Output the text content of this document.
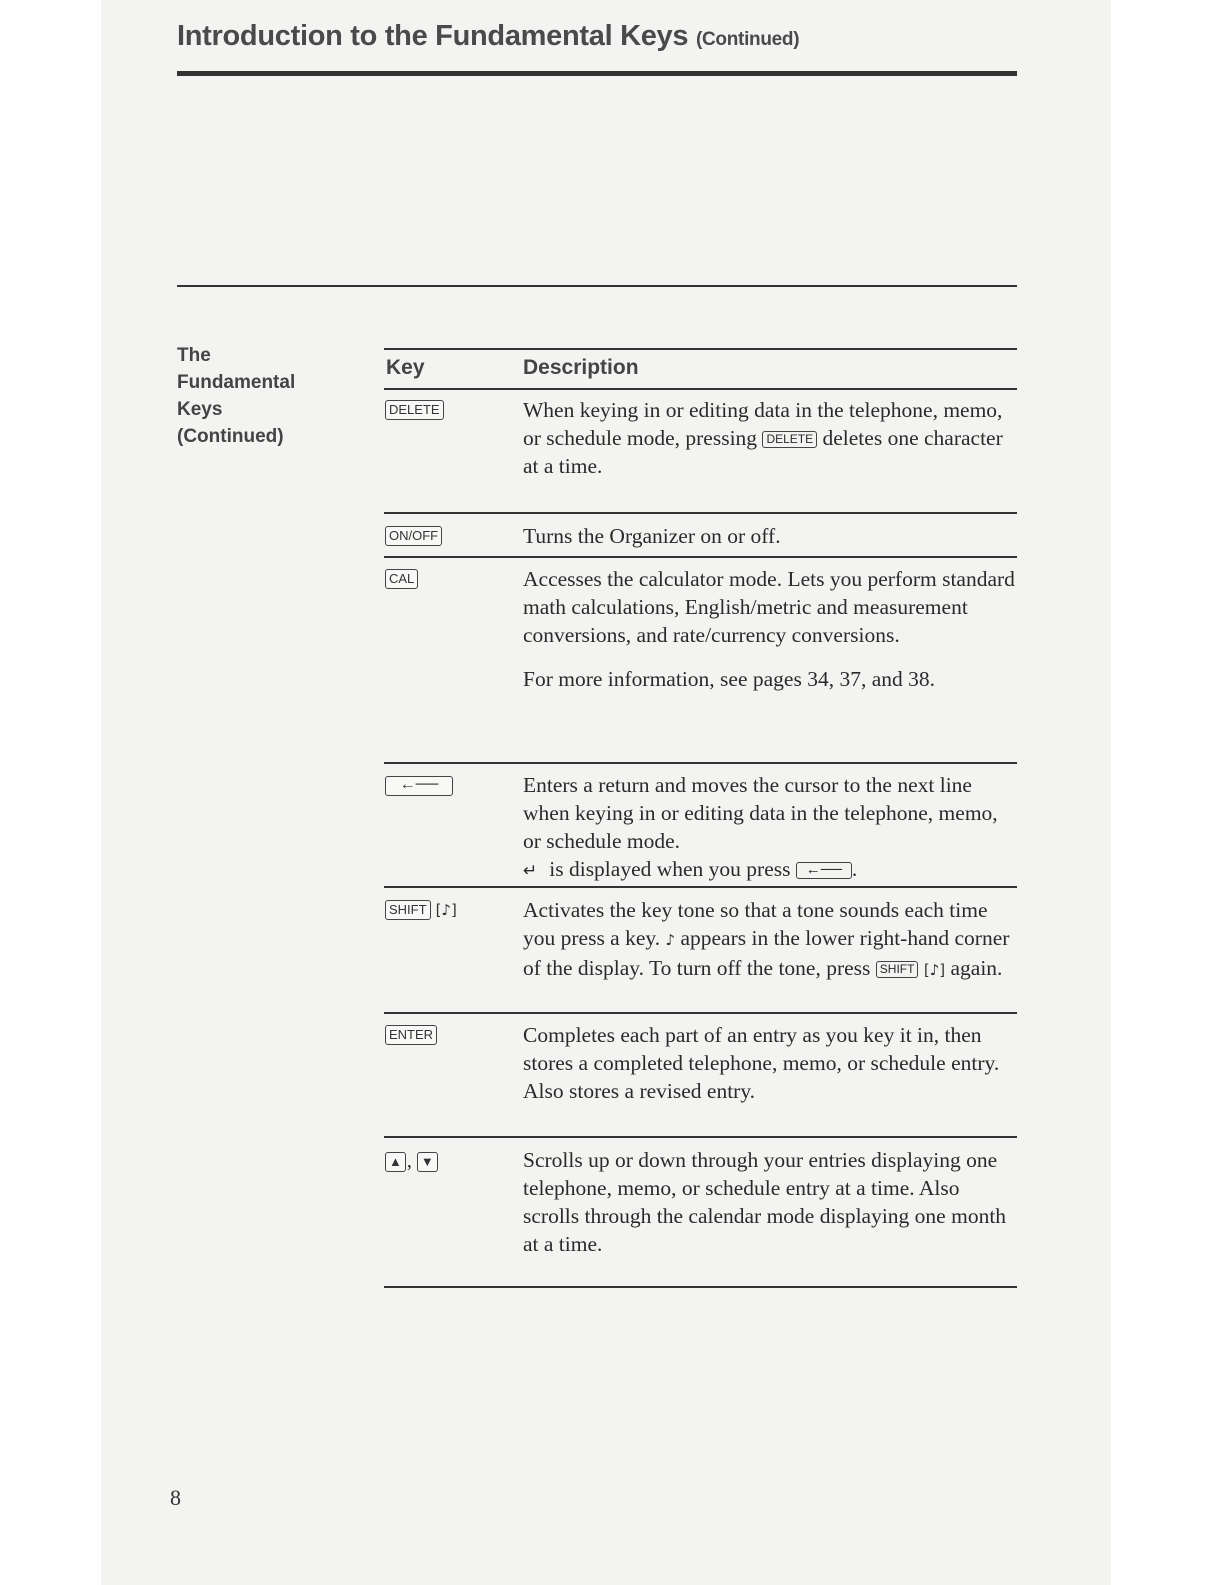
Introduction to the Fundamental Keys (Continued)
The
Fundamental
Keys
(Continued)
Key	Description
DELETE	When keying in or editing data in the telephone, memo, or schedule mode, pressing DELETE deletes one character at a time.

ON/OFF	Turns the Organizer on or off.

CAL	Accesses the calculator mode. Lets you perform standard math calculations, English/metric and measurement conversions, and rate/currency conversions.

For more information, see pages 34, 37, and 38.

←──	Enters a return and moves the cursor to the next line when keying in or editing data in the telephone, memo, or schedule mode.
↵ is displayed when you press ←── .

SHIFT [♪]	Activates the key tone so that a tone sounds each time you press a key. ♪ appears in the lower right-hand corner of the display. To turn off the tone, press SHIFT [♪] again.

ENTER	Completes each part of an entry as you key it in, then stores a completed telephone, memo, or schedule entry. Also stores a revised entry.

▲ , ▼	Scrolls up or down through your entries displaying one telephone, memo, or schedule entry at a time. Also scrolls through the calendar mode displaying one month at a time.

8
